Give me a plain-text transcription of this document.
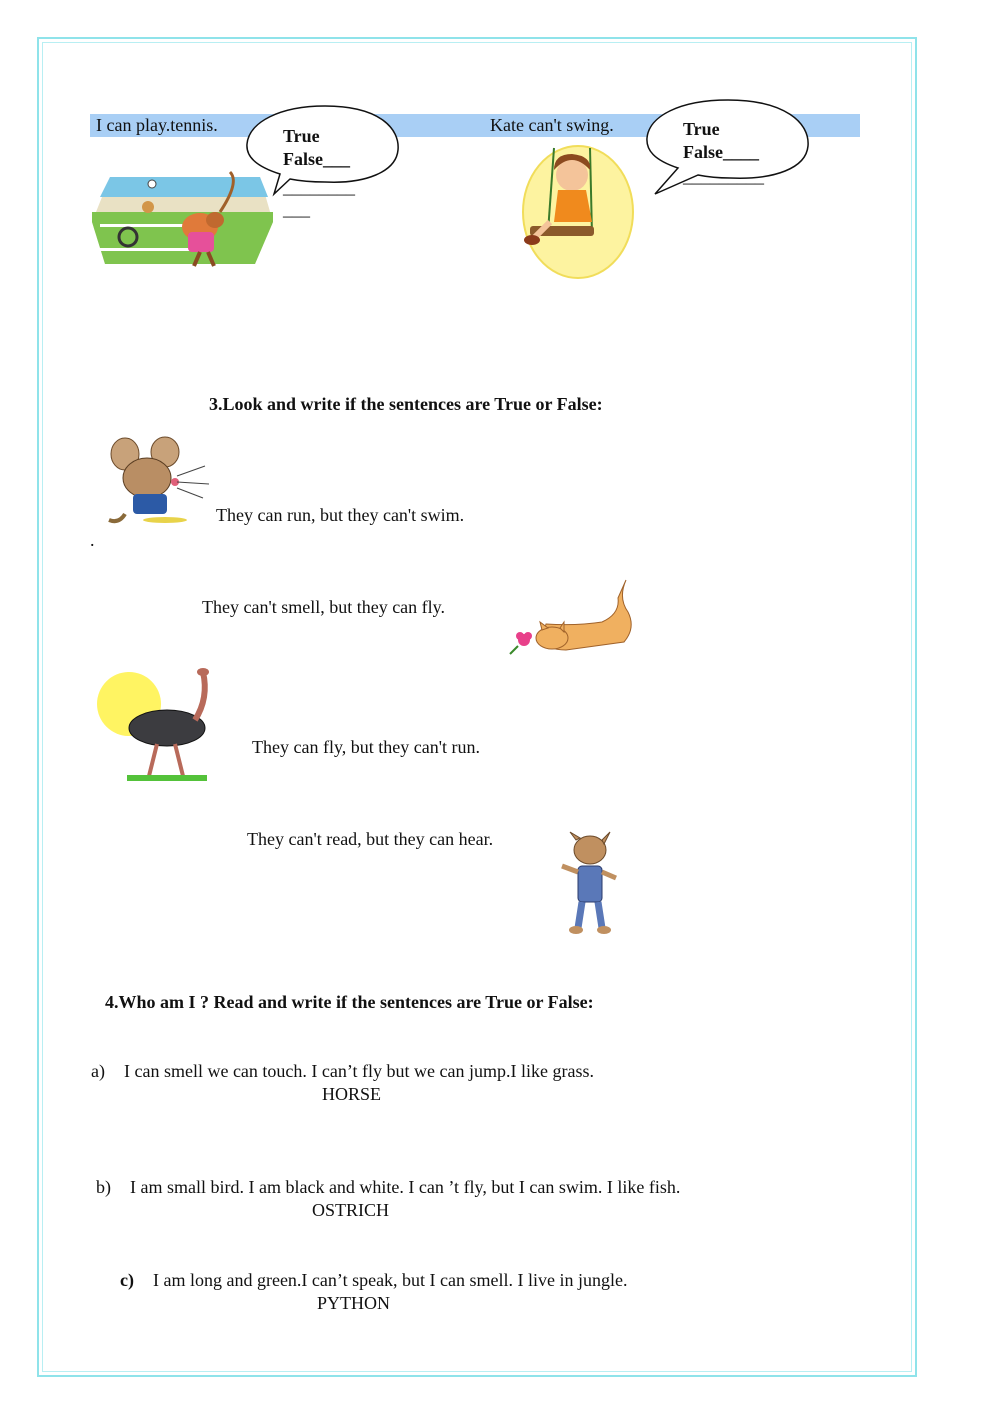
I can play.tennis.	Kate can't swing.
True
False___
________
___
True
False____
_________
3.Look and write if the sentences are True or False:
They can run, but they can't swim.
.
They can't smell, but they can fly.
They can fly, but they can't run.
They can't read, but they can hear.
4.Who am I ? Read and write if the sentences are True or False:
a) I can smell we can touch. I can’t fly but we can jump.I like grass.
HORSE
b) I am small bird. I am black and white. I can ’t fly, but I can swim. I like fish.
OSTRICH
c) I am long and green.I can’t speak, but I can smell. I live in jungle.
PYTHON
